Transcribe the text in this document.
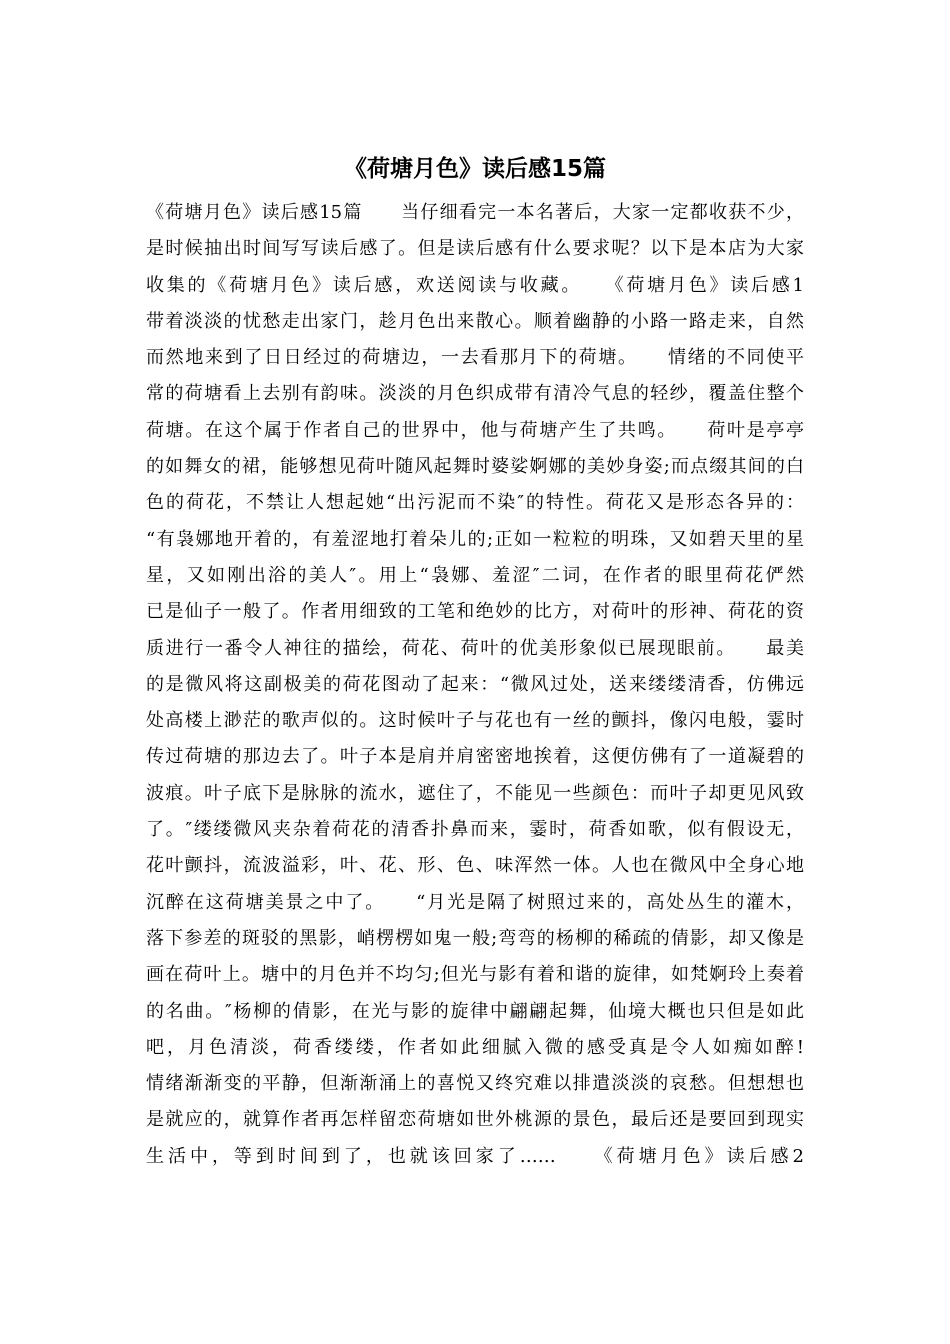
《荷塘月色》读后感15篇
《荷塘月色》读后感15篇　　当仔细看完一本名著后，大家一定都收获不少，
是时候抽出时间写写读后感了。但是读后感有什么要求呢？以下是本店为大家
收集的《荷塘月色》读后感，欢送阅读与收藏。　　《荷塘月色》读后感1
带着淡淡的忧愁走出家门，趁月色出来散心。顺着幽静的小路一路走来，自然
而然地来到了日日经过的荷塘边，一去看那月下的荷塘。　　情绪的不同使平
常的荷塘看上去别有韵味。淡淡的月色织成带有清冷气息的轻纱，覆盖住整个
荷塘。在这个属于作者自己的世界中，他与荷塘产生了共鸣。　　荷叶是亭亭
的如舞女的裙，能够想见荷叶随风起舞时婆娑婀娜的美妙身姿;而点缀其间的白
色的荷花，不禁让人想起她“出污泥而不染″的特性。荷花又是形态各异的：
“有袅娜地开着的，有羞涩地打着朵儿的;正如一粒粒的明珠，又如碧天里的星
星，又如刚出浴的美人″。用上“袅娜、羞涩″二词，在作者的眼里荷花俨然
已是仙子一般了。作者用细致的工笔和绝妙的比方，对荷叶的形神、荷花的资
质进行一番令人神往的描绘，荷花、荷叶的优美形象似已展现眼前。　　最美
的是微风将这副极美的荷花图动了起来：“微风过处，送来缕缕清香，仿佛远
处高楼上渺茫的歌声似的。这时候叶子与花也有一丝的颤抖，像闪电般，霎时
传过荷塘的那边去了。叶子本是肩并肩密密地挨着，这便仿佛有了一道凝碧的
波痕。叶子底下是脉脉的流水，遮住了，不能见一些颜色：而叶子却更见风致
了。″缕缕微风夹杂着荷花的清香扑鼻而来，霎时，荷香如歌，似有假设无，
花叶颤抖，流波溢彩，叶、花、形、色、味浑然一体。人也在微风中全身心地
沉醉在这荷塘美景之中了。　　“月光是隔了树照过来的，高处丛生的灌木，
落下参差的斑驳的黑影，峭楞楞如鬼一般;弯弯的杨柳的稀疏的倩影，却又像是
画在荷叶上。塘中的月色并不均匀;但光与影有着和谐的旋律，如梵婀玲上奏着
的名曲。″杨柳的倩影，在光与影的旋律中翩翩起舞，仙境大概也只但是如此
吧，月色清淡，荷香缕缕，作者如此细腻入微的感受真是令人如痴如醉!
情绪渐渐变的平静，但渐渐涌上的喜悦又终究难以排遣淡淡的哀愁。但想想也
是就应的，就算作者再怎样留恋荷塘如世外桃源的景色，最后还是要回到现实
生活中，等到时间到了，也就该回家了……　　《荷塘月色》读后感2
